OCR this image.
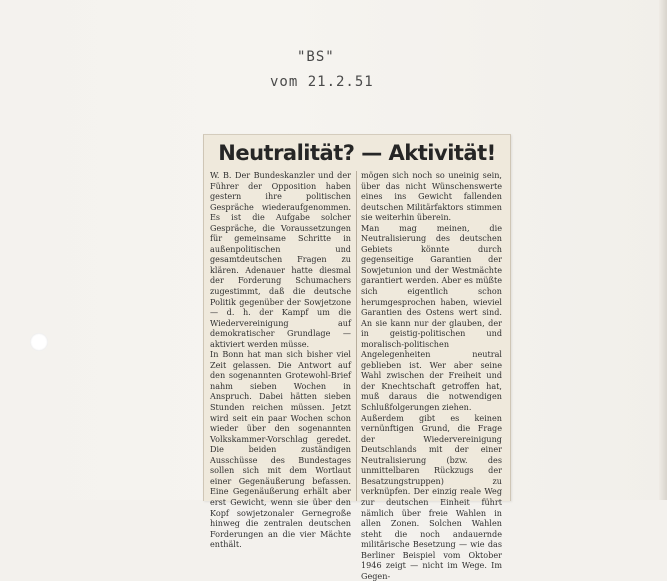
"BS"
vom 21.2.51
Neutralität? — Aktivität!

W. B. Der Bundeskanzler und der Führer der Opposition haben gestern ihre politischen Gespräche wiederaufgenommen. Es ist die Aufgabe solcher Gespräche, die Voraussetzungen für gemeinsame Schritte in außenpolitischen und gesamtdeutschen Fragen zu klären. Adenauer hatte diesmal der Forderung Schumachers zugestimmt, daß die deutsche Politik gegenüber der Sowjetzone — d. h. der Kampf um die Wiedervereinigung auf demokratischer Grundlage — aktiviert werden müsse.

In Bonn hat man sich bisher viel Zeit gelassen. Die Antwort auf den sogenannten Grotewohl-Brief nahm sieben Wochen in Anspruch. Dabei hätten sieben Stunden reichen müssen. Jetzt wird seit ein paar Wochen schon wieder über den sogenannten Volkskammer-Vorschlag geredet. Die beiden zuständigen Ausschüsse des Bundestages sollen sich mit dem Wortlaut einer Gegenäußerung befassen. Eine Gegenäußerung erhält aber erst Gewicht, wenn sie über den Kopf sowjetzonaler Gernegroße hinweg die zentralen deutschen Forderungen an die vier Mächte enthält.

mögen sich noch so uneinig sein, über das nicht Wünschenswerte eines ins Gewicht fallenden deutschen Militärfaktors stimmen sie weiterhin überein.

Man mag meinen, die Neutralisierung des deutschen Gebiets könnte durch gegenseitige Garantien der Sowjetunion und der Westmächte garantiert werden. Aber es müßte sich eigentlich schon herumgesprochen haben, wieviel Garantien des Ostens wert sind. An sie kann nur der glauben, der in geistig-politischen und moralisch-politischen Angelegenheiten neutral geblieben ist. Wer aber seine Wahl zwischen der Freiheit und der Knechtschaft getroffen hat, muß daraus die notwendigen Schlußfolgerungen ziehen.

Außerdem gibt es keinen vernünftigen Grund, die Frage der Wiedervereinigung Deutschlands mit der einer Neutralisierung (bzw. des unmittelbaren Rückzugs der Besatzungstruppen) zu verknüpfen. Der einzig reale Weg zur deutschen Einheit führt nämlich über freie Wahlen in allen Zonen. Solchen Wahlen steht die noch andauernde militärische Besetzung — wie das Berliner Beispiel vom Oktober 1946 zeigt — nicht im Wege. Im Gegen-
